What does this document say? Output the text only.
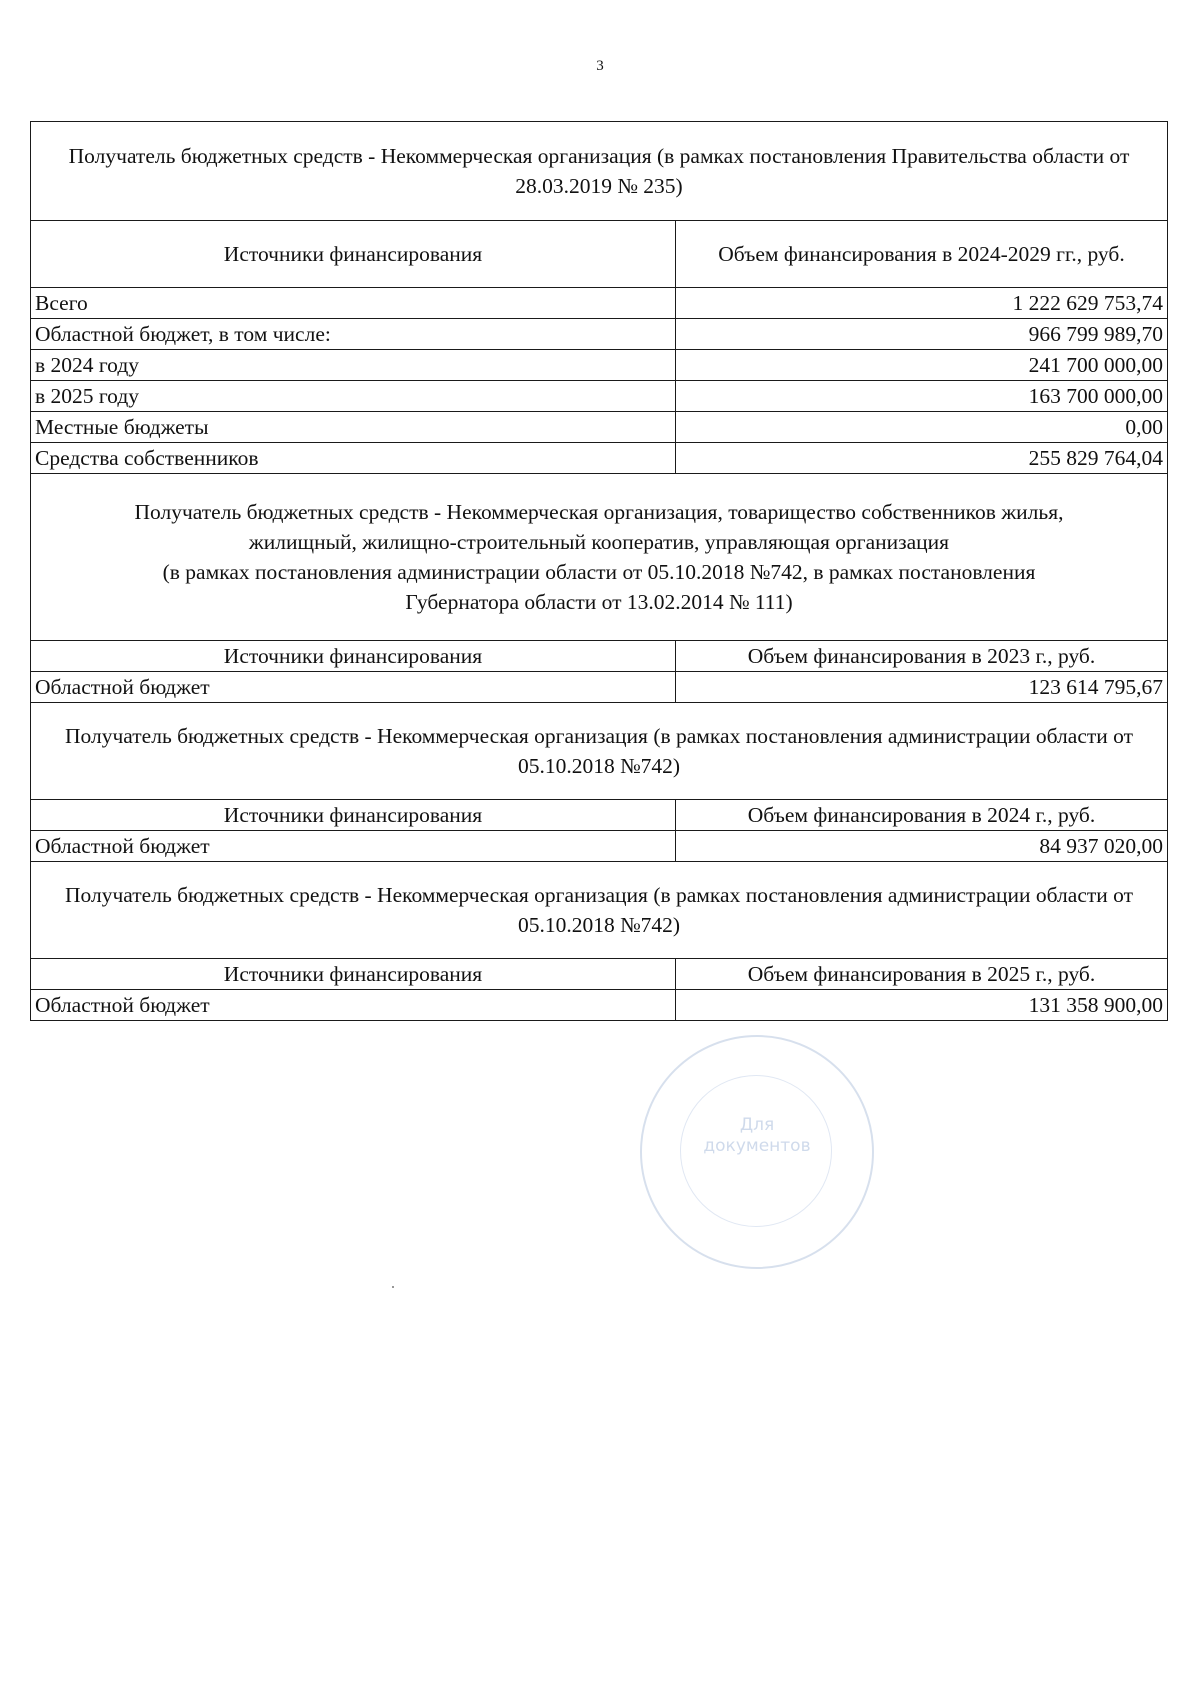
3
Получатель бюджетных средств - Некоммерческая организация (в рамках постановления Правительства области от 28.03.2019 № 235)	
Источники финансирования	Объем финансирования в 2024-2029 гг., руб.
Всего	1 222 629 753,74
Областной бюджет, в том числе:	966 799 989,70
в 2024 году	241 700 000,00
в 2025 году	163 700 000,00
Местные бюджеты	0,00
Средства собственников	255 829 764,04

Получатель бюджетных средств - Некоммерческая организация, товарищество собственников жилья,
жилищный, жилищно-строительный кооператив, управляющая организация
(в рамках постановления администрации области от 05.10.2018 №742, в рамках постановления
Губернатора области от 13.02.2014 № 111)	

Источники финансирования	Объем финансирования в 2023 г., руб.
Областной бюджет	123 614 795,67
Получатель бюджетных средств - Некоммерческая организация (в рамках постановления администрации области от 05.10.2018 №742)	
Источники финансирования	Объем финансирования в 2024 г., руб.
Областной бюджет	84 937 020,00
Получатель бюджетных средств - Некоммерческая организация (в рамках постановления администрации области от 05.10.2018 №742)	
Источники финансирования	Объем финансирования в 2025 г., руб.
Областной бюджет	131 358 900,00
Для
документов
